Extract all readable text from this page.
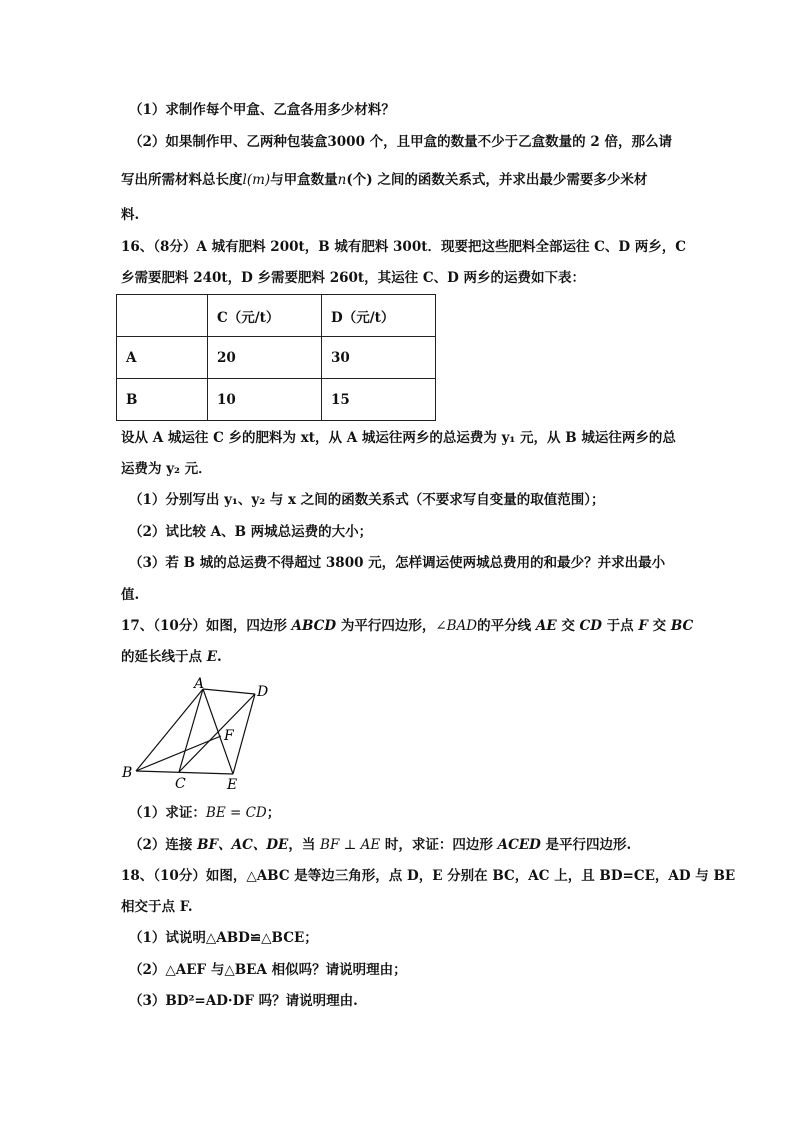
（1）求制作每个甲盒、乙盒各用多少材料？
（2）如果制作甲、乙两种包装盒3000 个，且甲盒的数量不少于乙盒数量的 2 倍，那么请
写出所需材料总长度l(m)与甲盒数量n(个) 之间的函数关系式，并求出最少需要多少米材
料.
16、（8分）A 城有肥料 200t，B 城有肥料 300t．现要把这些肥料全部运往 C、D 两乡，C
乡需要肥料 240t，D 乡需要肥料 260t，其运往 C、D 两乡的运费如下表：
	C（元/t）	D（元/t）
A	20	30
B	10	15
设从 A 城运往 C 乡的肥料为 xt，从 A 城运往两乡的总运费为 y₁ 元，从 B 城运往两乡的总
运费为 y₂ 元．
（1）分别写出 y₁、y₂ 与 x 之间的函数关系式（不要求写自变量的取值范围）；
（2）试比较 A、B 两城总运费的大小；
（3）若 B 城的总运费不得超过 3800 元，怎样调运使两城总费用的和最少？并求出最小
值.
17、（10分）如图，四边形 ABCD 为平行四边形，∠BAD的平分线 AE 交 CD 于点 F 交 BC
的延长线于点 E.
A	D
B
C	E
F
（1）求证：BE = CD；
（2）连接 BF、AC、DE，当 BF ⊥ AE 时，求证：四边形 ACED 是平行四边形.
18、（10分）如图，△ABC 是等边三角形，点 D，E 分别在 BC，AC 上，且 BD=CE，AD 与 BE
相交于点 F.
（1）试说明△ABD≌△BCE；
（2）△AEF 与△BEA 相似吗？请说明理由；
（3）BD²=AD·DF 吗？请说明理由.
